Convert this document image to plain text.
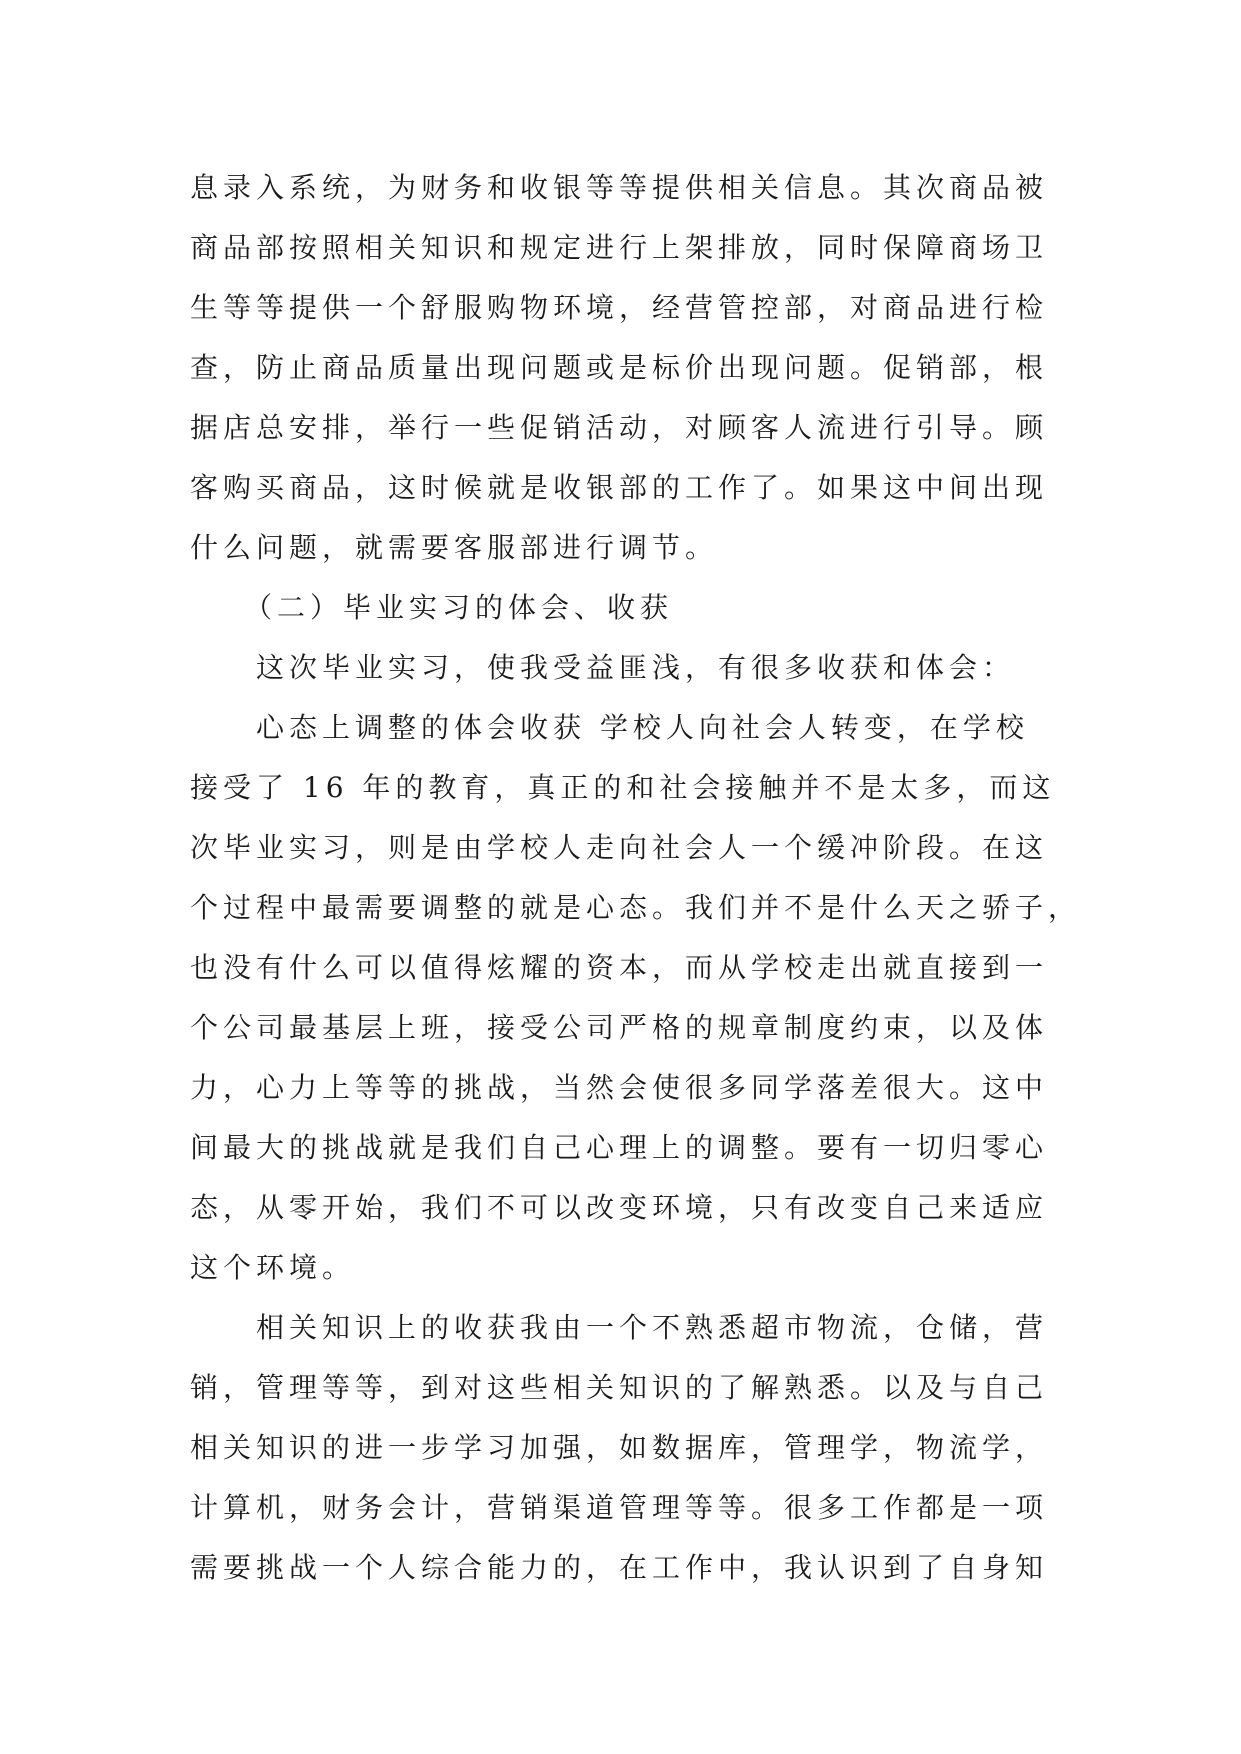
息录入系统，为财务和收银等等提供相关信息。其次商品被
商品部按照相关知识和规定进行上架排放，同时保障商场卫
生等等提供一个舒服购物环境，经营管控部，对商品进行检
查，防止商品质量出现问题或是标价出现问题。促销部，根
据店总安排，举行一些促销活动，对顾客人流进行引导。顾
客购买商品，这时候就是收银部的工作了。如果这中间出现
什么问题，就需要客服部进行调节。
（二）毕业实习的体会、收获
这次毕业实习，使我受益匪浅，有很多收获和体会：
心态上调整的体会收获 学校人向社会人转变，在学校
接受了 16 年的教育，真正的和社会接触并不是太多，而这
次毕业实习，则是由学校人走向社会人一个缓冲阶段。在这
个过程中最需要调整的就是心态。我们并不是什么天之骄子，
也没有什么可以值得炫耀的资本，而从学校走出就直接到一
个公司最基层上班，接受公司严格的规章制度约束，以及体
力，心力上等等的挑战，当然会使很多同学落差很大。这中
间最大的挑战就是我们自己心理上的调整。要有一切归零心
态，从零开始，我们不可以改变环境，只有改变自己来适应
这个环境。
相关知识上的收获我由一个不熟悉超市物流，仓储，营
销，管理等等，到对这些相关知识的了解熟悉。以及与自己
相关知识的进一步学习加强，如数据库，管理学，物流学，
计算机，财务会计，营销渠道管理等等。很多工作都是一项
需要挑战一个人综合能力的，在工作中，我认识到了自身知
